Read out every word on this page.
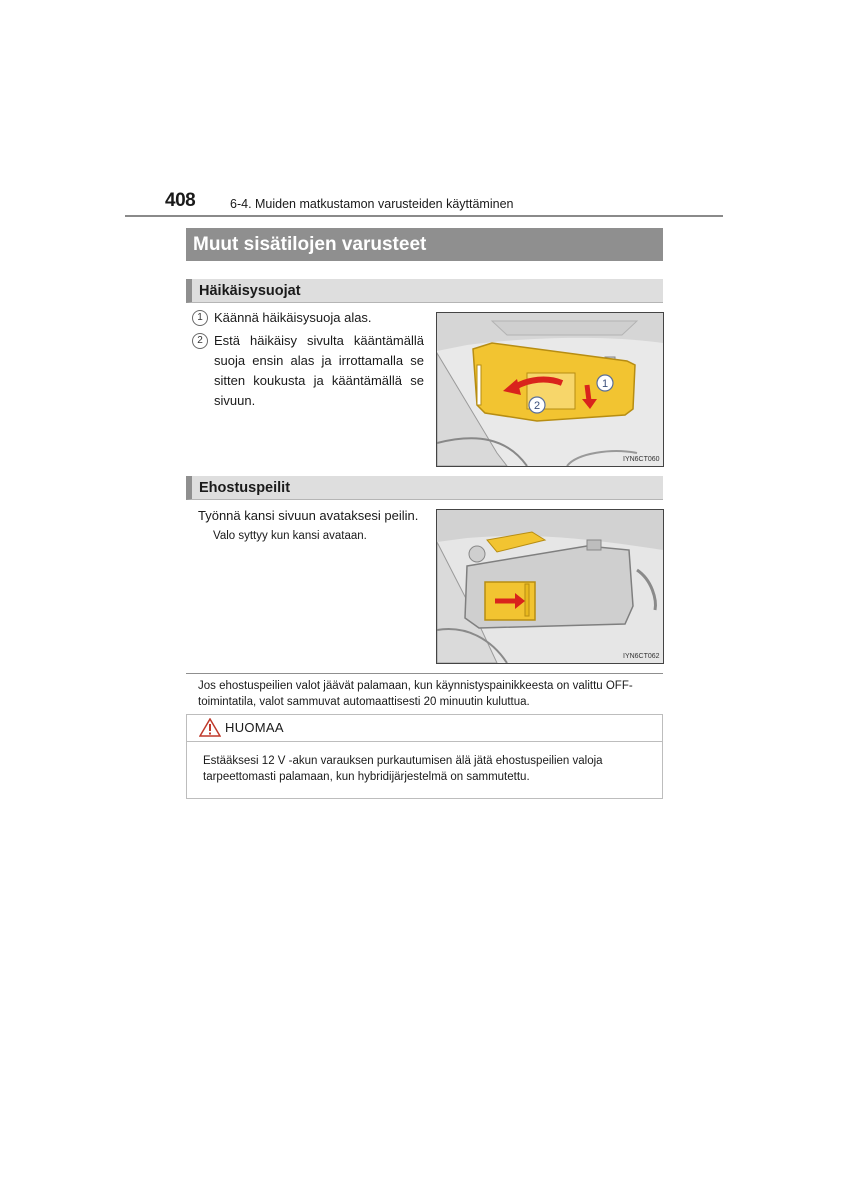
408	6-4. Muiden matkustamon varusteiden käyttäminen
Muut sisätilojen varusteet
Häikäisysuojat
1 Käännä häikäisysuoja alas.
2 Estä häikäisy sivulta kääntämällä suoja ensin alas ja irrottamalla se sitten koukusta ja kääntämällä se sivuun.
1
2
IYN6CT060
Ehostuspeilit
Työnnä kansi sivuun avataksesi peilin.
Valo syttyy kun kansi avataan.
IYN6CT062
Jos ehostuspeilien valot jäävät palamaan, kun käynnistyspainikkeesta on valittu OFF-toimintatila, valot sammuvat automaattisesti 20 minuutin kuluttua.
HUOMAA
Estääksesi 12 V -akun varauksen purkautumisen älä jätä ehostuspeilien valoja tarpeettomasti palamaan, kun hybridijärjestelmä on sammutettu.
